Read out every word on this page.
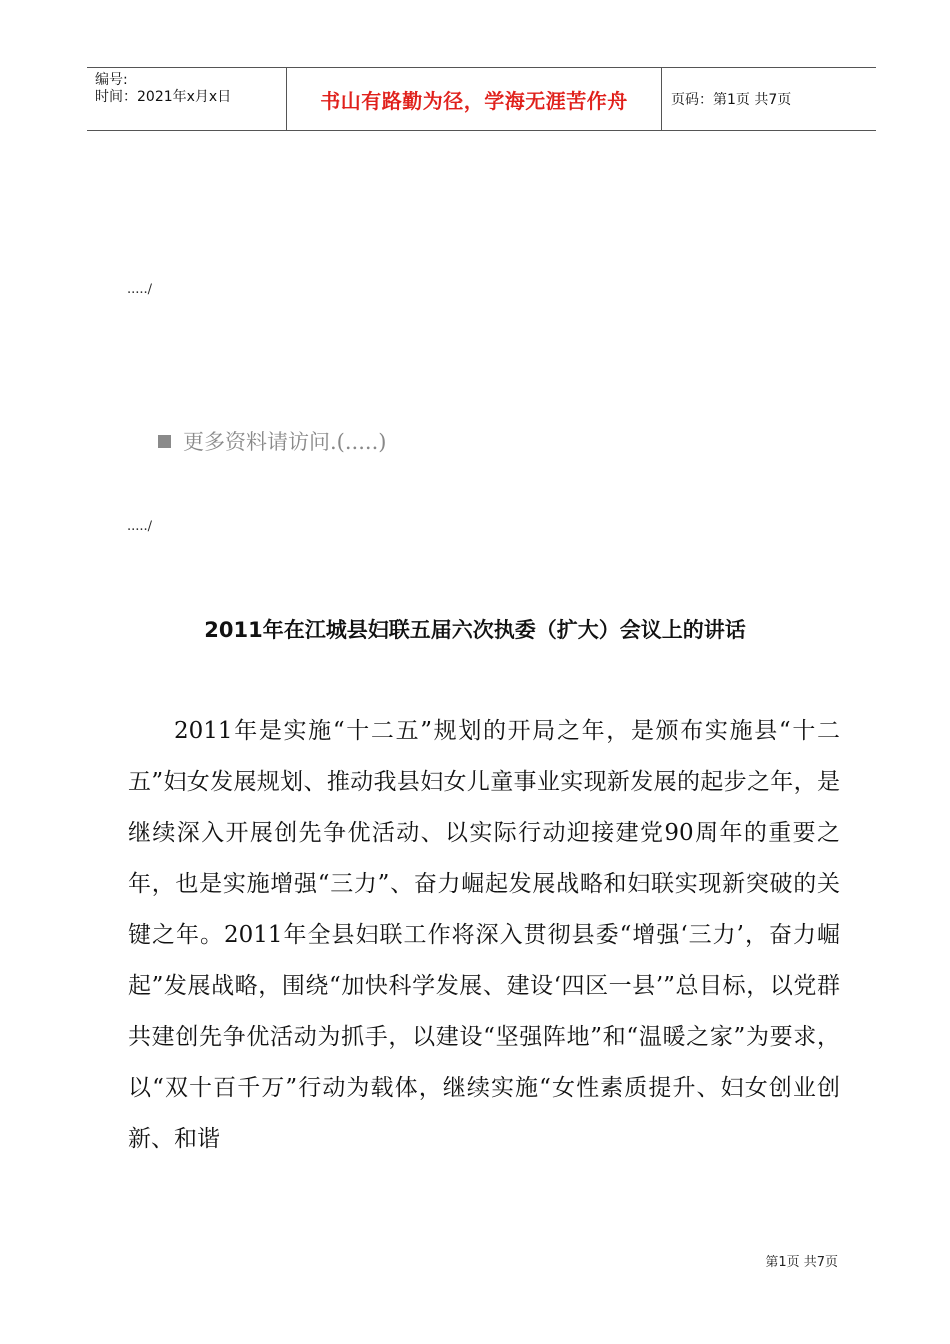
编号:
时间：2021年x月x日	书山有路勤为径，学海无涯苦作舟	页码：第1页 共7页
...../
更多资料请访问.(.....)
...../
2011年在江城县妇联五届六次执委（扩大）会议上的讲话
2011年是实施“十二五”规划的开局之年，是颁布实施县“十二五”妇女发展规划、推动我县妇女儿童事业实现新发展的起步之年，是继续深入开展创先争优活动、以实际行动迎接建党90周年的重要之年，也是实施增强“三力”、奋力崛起发展战略和妇联实现新突破的关键之年。2011年全县妇联工作将深入贯彻县委“增强‘三力’，奋力崛起”发展战略，围绕“加快科学发展、建设‘四区一县’”总目标，以党群共建创先争优活动为抓手，以建设“坚强阵地”和“温暖之家”为要求，以“双十百千万”行动为载体，继续实施“女性素质提升、妇女创业创新、和谐
第1页 共7页
